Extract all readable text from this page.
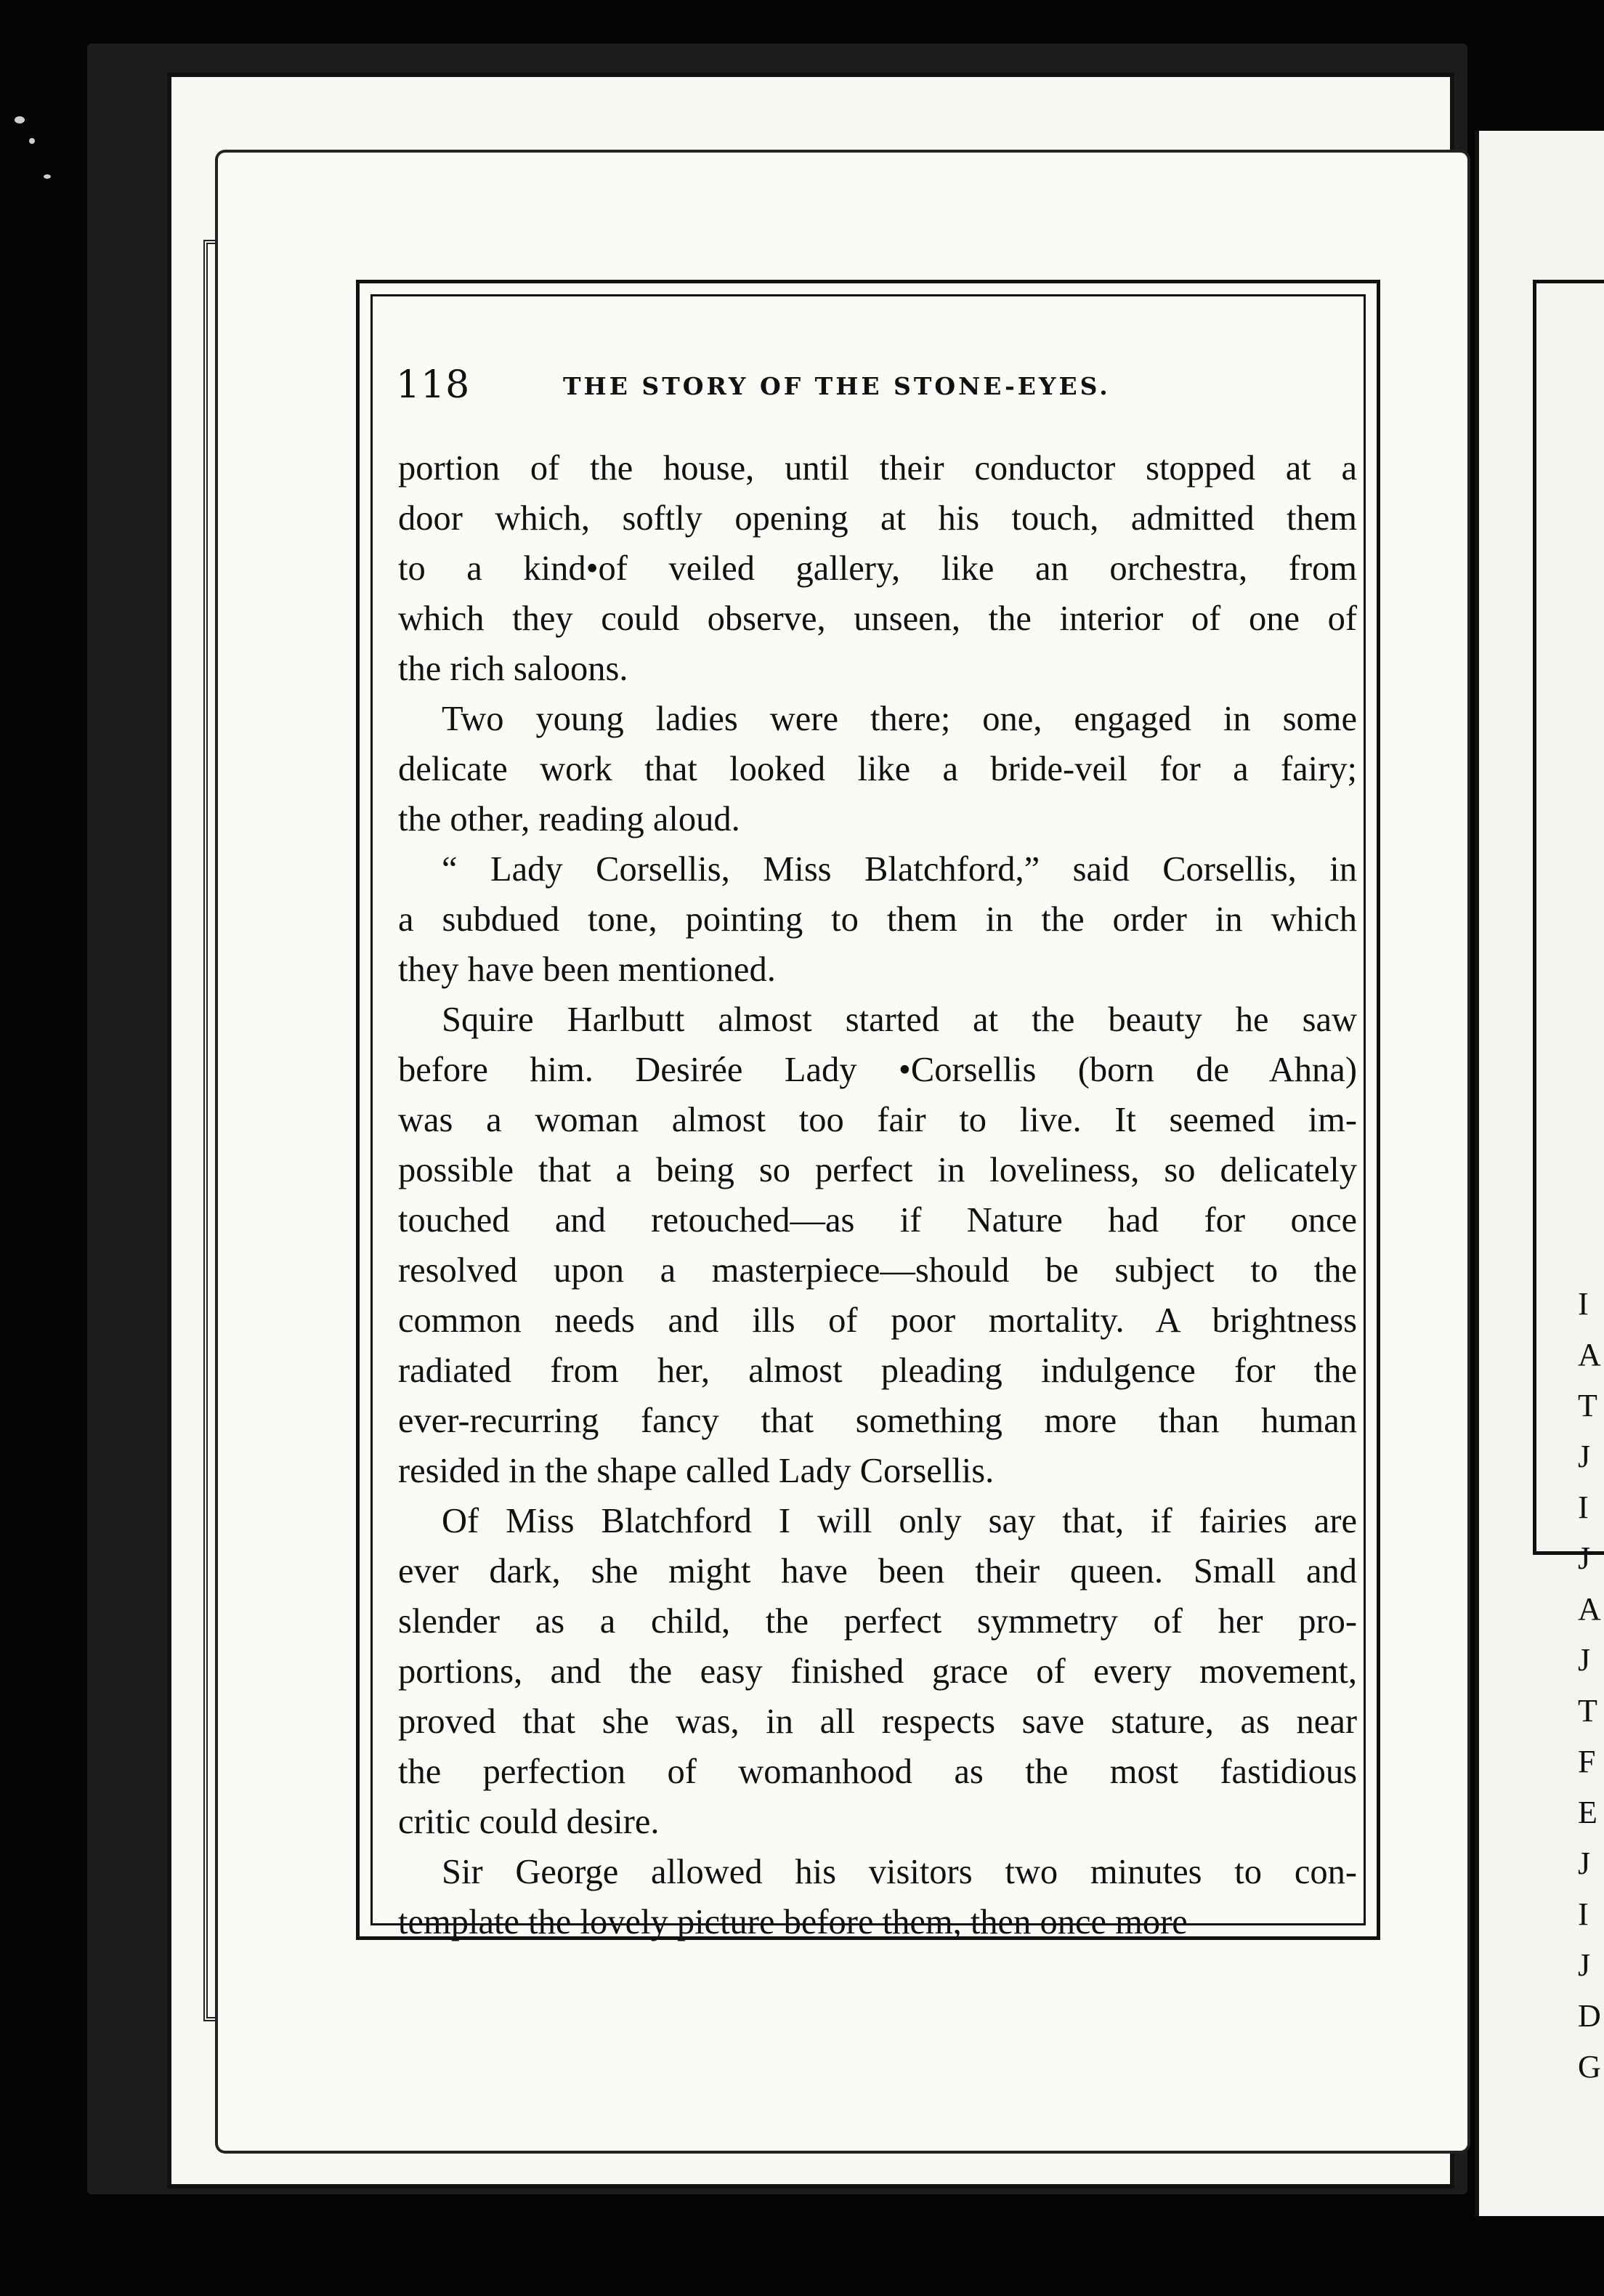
I
A
T
J
I
J
A
J
T
F
E
J
I
J
D
G
118	THE STORY OF THE STONE-EYES.
portion of the house, until their conductor stopped at a
door which, softly opening at his touch, admitted them
to a kind•of veiled gallery, like an orchestra, from
which they could observe, unseen, the interior of one of
the rich saloons.
Two young ladies were there; one, engaged in some
delicate work that looked like a bride-veil for a fairy;
the other, reading aloud.
“ Lady Corsellis, Miss Blatchford,” said Corsellis, in
a subdued tone, pointing to them in the order in which
they have been mentioned.
Squire Harlbutt almost started at the beauty he saw
before him. Desirée Lady •Corsellis (born de Ahna)
was a woman almost too fair to live. It seemed im-
possible that a being so perfect in loveliness, so delicately
touched and retouched—as if Nature had for once
resolved upon a masterpiece—should be subject to the
common needs and ills of poor mortality. A brightness
radiated from her, almost pleading indulgence for the
ever-recurring fancy that something more than human
resided in the shape called Lady Corsellis.
Of Miss Blatchford I will only say that, if fairies are
ever dark, she might have been their queen. Small and
slender as a child, the perfect symmetry of her pro-
portions, and the easy finished grace of every movement,
proved that she was, in all respects save stature, as near
the perfection of womanhood as the most fastidious
critic could desire.
Sir George allowed his visitors two minutes to con-
template the lovely picture before them, then once more
